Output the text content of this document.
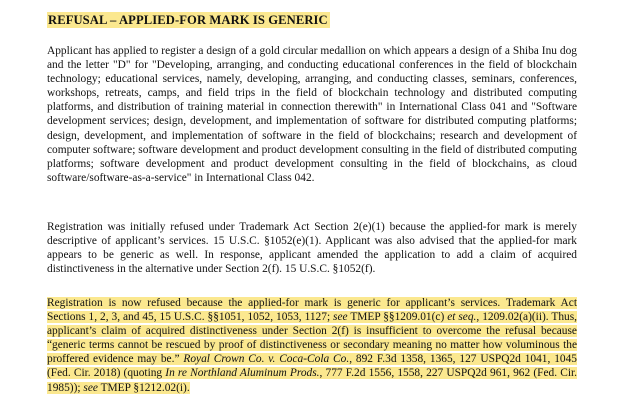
REFUSAL – APPLIED-FOR MARK IS GENERIC

Applicant has applied to register a design of a gold circular medallion on which appears a design of a Shiba Inu dog and the letter "D" for "Developing, arranging, and conducting educational conferences in the field of blockchain technology; educational services, namely, developing, arranging, and conducting classes, seminars, conferences, workshops, retreats, camps, and field trips in the field of blockchain technology and distributed computing platforms, and distribution of training material in connection therewith" in International Class 041 and "Software development services; design, development, and implementation of software for distributed computing platforms; design, development, and implementation of software in the field of blockchains; research and development of computer software; software development and product development consulting in the field of distributed computing platforms; software development and product development consulting in the field of blockchains, as cloud software/software-as-a-service" in International Class 042.

Registration was initially refused under Trademark Act Section 2(e)(1) because the applied-for mark is merely descriptive of applicant’s services. 15 U.S.C. §1052(e)(1). Applicant was also advised that the applied-for mark appears to be generic as well. In response, applicant amended the application to add a claim of acquired distinctiveness in the alternative under Section 2(f). 15 U.S.C. §1052(f).

Registration is now refused because the applied-for mark is generic for applicant’s services. Trademark Act Sections 1, 2, 3, and 45, 15 U.S.C. §§1051, 1052, 1053, 1127; see TMEP §§1209.01(c) et seq., 1209.02(a)(ii). Thus, applicant’s claim of acquired distinctiveness under Section 2(f) is insufficient to overcome the refusal because “generic terms cannot be rescued by proof of distinctiveness or secondary meaning no matter how voluminous the proffered evidence may be.” Royal Crown Co. v. Coca-Cola Co., 892 F.3d 1358, 1365, 127 USPQ2d 1041, 1045 (Fed. Cir. 2018) (quoting In re Northland Aluminum Prods., 777 F.2d 1556, 1558, 227 USPQ2d 961, 962 (Fed. Cir. 1985)); see TMEP §1212.02(i).
